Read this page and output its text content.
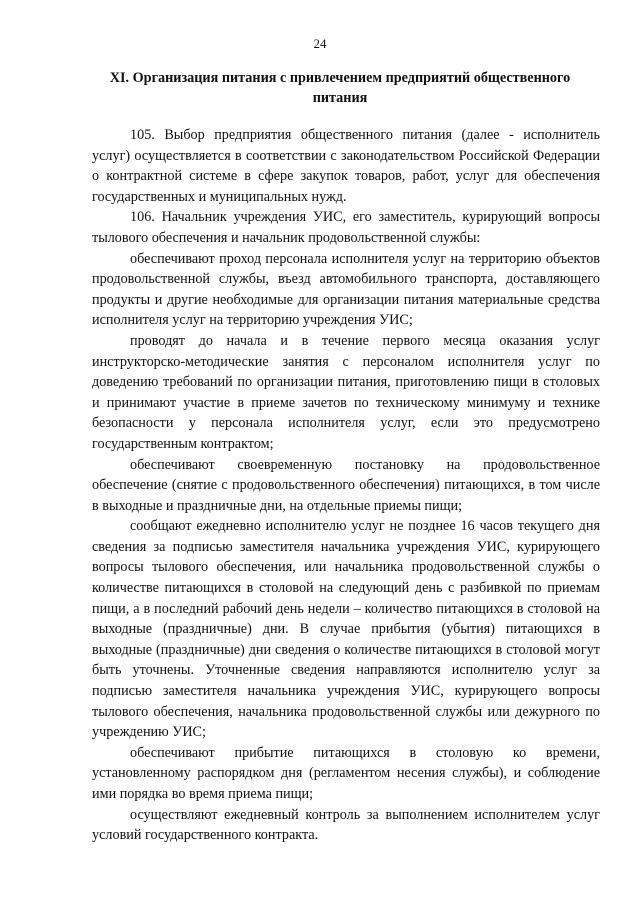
24
XI. Организация питания с привлечением предприятий общественного питания

105. Выбор предприятия общественного питания (далее - исполнитель услуг) осуществляется в соответствии с законодательством Российской Федерации о контрактной системе в сфере закупок товаров, работ, услуг для обеспечения государственных и муниципальных нужд.

106. Начальник учреждения УИС, его заместитель, курирующий вопросы тылового обеспечения и начальник продовольственной службы:

обеспечивают проход персонала исполнителя услуг на территорию объектов продовольственной службы, въезд автомобильного транспорта, доставляющего продукты и другие необходимые для организации питания материальные средства исполнителя услуг на территорию учреждения УИС;

проводят до начала и в течение первого месяца оказания услуг инструкторско-методические занятия с персоналом исполнителя услуг по доведению требований по организации питания, приготовлению пищи в столовых и принимают участие в приеме зачетов по техническому минимуму и технике безопасности у персонала исполнителя услуг, если это предусмотрено государственным контрактом;

обеспечивают своевременную постановку на продовольственное обеспечение (снятие с продовольственного обеспечения) питающихся, в том числе в выходные и праздничные дни, на отдельные приемы пищи;

сообщают ежедневно исполнителю услуг не позднее 16 часов текущего дня сведения за подписью заместителя начальника учреждения УИС, курирующего вопросы тылового обеспечения, или начальника продовольственной службы о количестве питающихся в столовой на следующий день с разбивкой по приемам пищи, а в последний рабочий день недели – количество питающихся в столовой на выходные (праздничные) дни. В случае прибытия (убытия) питающихся в выходные (праздничные) дни сведения о количестве питающихся в столовой могут быть уточнены. Уточненные сведения направляются исполнителю услуг за подписью заместителя начальника учреждения УИС, курирующего вопросы тылового обеспечения, начальника продовольственной службы или дежурного по учреждению УИС;

обеспечивают прибытие питающихся в столовую ко времени, установленному распорядком дня (регламентом несения службы), и соблюдение ими порядка во время приема пищи;

осуществляют ежедневный контроль за выполнением исполнителем услуг условий государственного контракта.
